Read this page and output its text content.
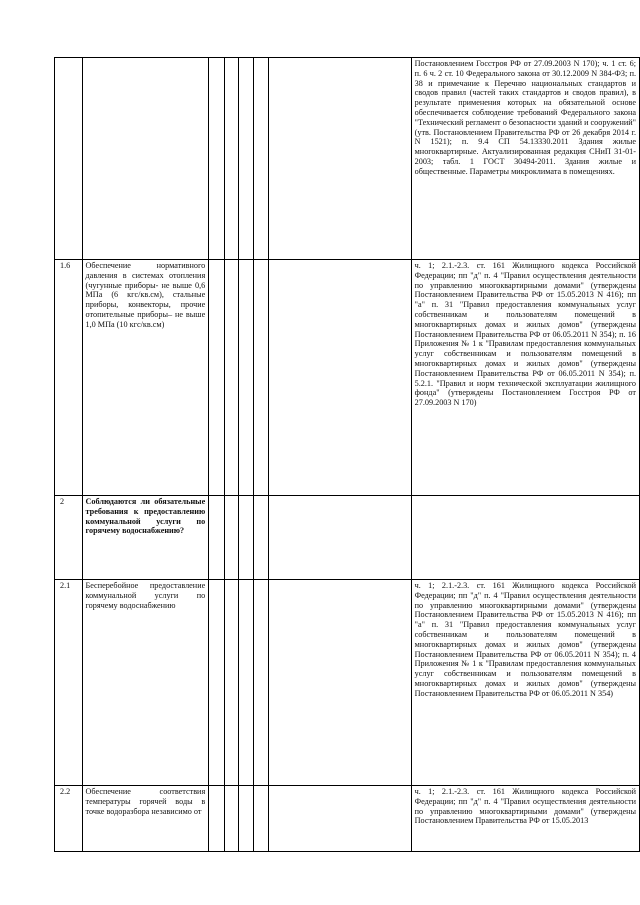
							Постановлением Госстроя РФ от 27.09.2003 N 170); ч. 1 ст. 6; п. 6 ч. 2 ст. 10 Федерального закона от 30.12.2009 N 384-ФЗ; п. 38 и примечание к Перечню национальных стандартов и сводов правил (частей таких стандартов и сводов правил), в результате применения которых на обязательной основе обеспечивается соблюдение требований Федерального закона "Технический регламент о безопасности зданий и сооружений" (утв. Постановлением Правительства РФ от 26 декабря 2014 г. N 1521); п. 9.4 СП 54.13330.2011 Здания жилые многоквартирные. Актуализированная редакция СНиП 31-01-2003; табл. 1 ГОСТ 30494-2011. Здания жилые и общественные. Параметры микроклимата в помещениях.
1.6	Обеспечение нормативного давления в системах отопления (чугунные приборы- не выше 0,6 МПа (6 кгс/кв.см), стальные приборы, конвекторы, прочие отопительные приборы– не выше 1,0 МПа (10 кгс/кв.см)						ч. 1; 2.1.-2.3. ст. 161 Жилищного кодекса Российской Федерации; пп "д" п. 4 "Правил осуществления деятельности по управлению многоквартирными домами" (утверждены Постановлением Правительства РФ от 15.05.2013 N 416); пп "а" п. 31 "Правил предоставления коммунальных услуг собственникам и пользователям помещений в многоквартирных домах и жилых домов" (утверждены Постановлением Правительства РФ от 06.05.2011 N 354); п. 16 Приложения № 1 к "Правилам предоставления коммунальных услуг собственникам и пользователям помещений в многоквартирных домах и жилых домов" (утверждены Постановлением Правительства РФ от 06.05.2011 N 354); п. 5.2.1. "Правил и норм технической эксплуатации жилищного фонда" (утверждены Постановлением Госстроя РФ от 27.09.2003 N 170)
2	Соблюдаются ли обязательные требования к предоставлению коммунальной услуги по горячему водоснабжению?						
2.1	Бесперебойное предоставление коммунальной услуги по горячему водоснабжению						ч. 1; 2.1.-2.3. ст. 161 Жилищного кодекса Российской Федерации; пп "д" п. 4 "Правил осуществления деятельности по управлению многоквартирными домами" (утверждены Постановлением Правительства РФ от 15.05.2013 N 416); пп "а" п. 31 "Правил предоставления коммунальных услуг собственникам и пользователям помещений в многоквартирных домах и жилых домов" (утверждены Постановлением Правительства РФ от 06.05.2011 N 354); п. 4 Приложения № 1 к "Правилам предоставления коммунальных услуг собственникам и пользователям помещений в многоквартирных домах и жилых домов" (утверждены Постановлением Правительства РФ от 06.05.2011 N 354)
2.2	Обеспечение соответствия температуры горячей воды в точке водоразбора независимо от						ч. 1; 2.1.-2.3. ст. 161 Жилищного кодекса Российской Федерации; пп "д" п. 4 "Правил осуществления деятельности по управлению многоквартирными домами" (утверждены Постановлением Правительства РФ от 15.05.2013
